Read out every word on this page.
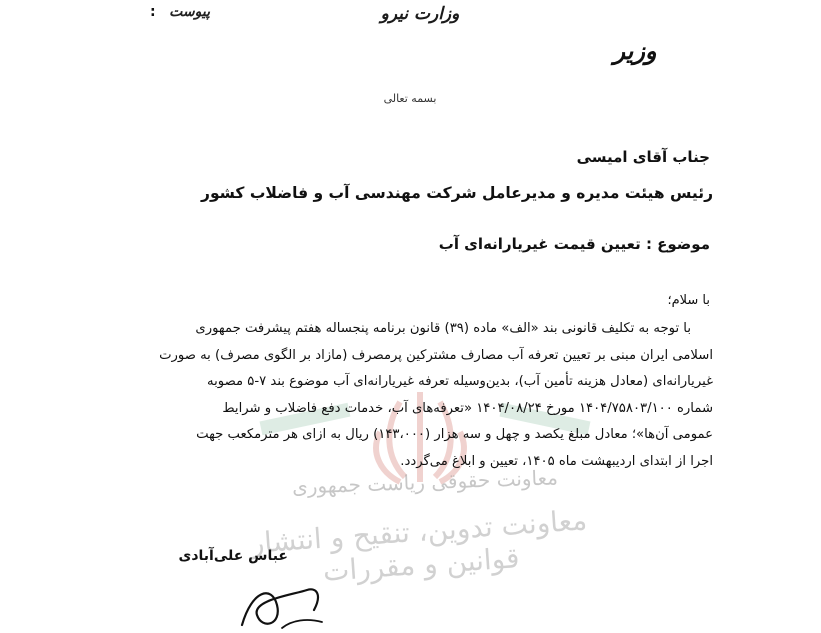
معاونت حقوقی ریاست جمهوری
معاونت تدوین، تنقیح و انتشار قوانین و مقررات
وزارت نیرو
پیوست
:
وزیر
بسمه تعالی
جناب آقای امیسی
رئیس هیئت مدیره و مدیرعامل شرکت مهندسی آب و فاضلاب کشور
موضوع : تعیین قیمت غیریارانه‌ای آب
با سلام؛
با توجه به تکلیف قانونی بند «الف» ماده (۳۹) قانون برنامه پنجساله هفتم پیشرفت جمهوری
اسلامی ایران مبنی بر تعیین تعرفه آب مصارف مشترکین پرمصرف (مازاد بر الگوی مصرف) به صورت
غیریارانه‌ای (معادل هزینه تأمین آب)، بدین‌وسیله تعرفه غیریارانه‌ای آب موضوع بند ۷-۵ مصوبه
شماره ۱۴۰۴/۷۵۸۰۳/۱۰۰ مورخ ۱۴۰۴/۰۸/۲۴ «تعرفه‌های آب، خدمات دفع فاضلاب و شرایط
عمومی آن‌ها»؛ معادل مبلغ یکصد و چهل و سه هزار (۱۴۳،۰۰۰) ریال به ازای هر مترمکعب جهت
اجرا از ابتدای اردیبهشت ماه ۱۴۰۵، تعیین و ابلاغ می‌گردد.
عباس علی‌آبادی
